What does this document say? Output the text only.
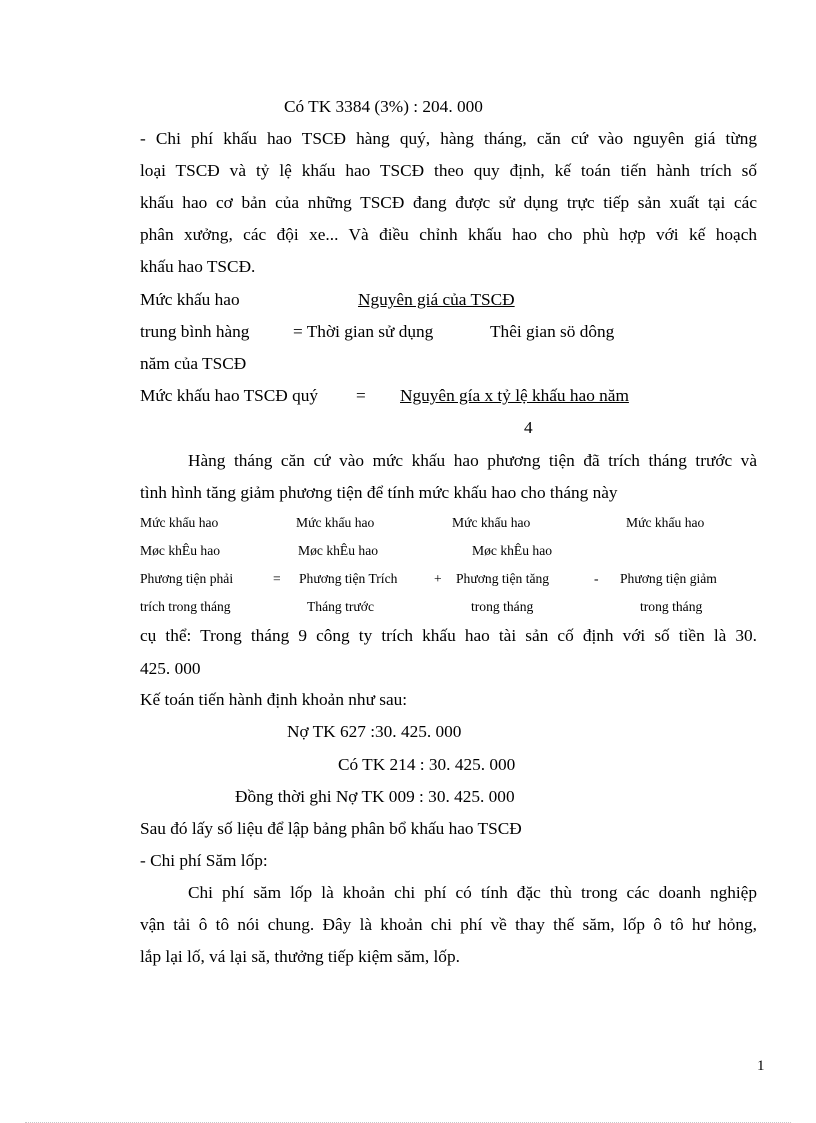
Có TK 3384 (3%) : 204. 000
- Chi phí khấu hao TSCĐ hàng quý, hàng tháng, căn cứ vào nguyên giá từng
loại TSCĐ và tỷ lệ khấu hao TSCĐ theo quy định, kế toán tiến hành trích số
khấu hao cơ bản của những TSCĐ đang được sử dụng trực tiếp sản xuất tại các
phân xưởng, các đội xe... Và điều chỉnh khấu hao cho phù hợp với kế hoạch
khấu hao TSCĐ.
Mức khấu hao	Nguyên giá của TSCĐ
trung bình hàng	= Thời gian sử dụng	Thêi gian sö dông
năm của TSCĐ
Mức khấu hao TSCĐ quý = Nguyên gía x tỷ lệ khấu hao năm
4
Hàng tháng căn cứ vào mức khấu hao phương tiện đã trích tháng trước và
tình hình tăng giảm phương tiện để tính mức khấu hao cho tháng này
Mức khấu hao	Mức khấu hao	Mức khấu hao	Mức khấu hao
Møc khÊu hao	Møc khÊu hao	Møc khÊu hao
Phương tiện phải	= Phương tiện Trích	+ Phương tiện tăng	- Phương tiện giảm
trích trong tháng	Tháng trước	trong tháng	trong tháng
cụ thể: Trong tháng 9 công ty trích khấu hao tài sản cố định với số tiền là 30.
425. 000
Kế toán tiến hành định khoản như sau:
Nợ TK 627 :30. 425. 000
Có TK 214 : 30. 425. 000
Đồng thời ghi Nợ TK 009 : 30. 425. 000
Sau đó lấy số liệu để lập bảng phân bổ khấu hao TSCĐ
- Chi phí Săm lốp:
Chi phí săm lốp là khoản chi phí có tính đặc thù trong các doanh nghiệp
vận tải ô tô nói chung. Đây là khoản chi phí về thay thế săm, lốp ô tô hư hỏng,
lắp lại lố, vá lại să, thưởng tiếp kiệm săm, lốp.
1
